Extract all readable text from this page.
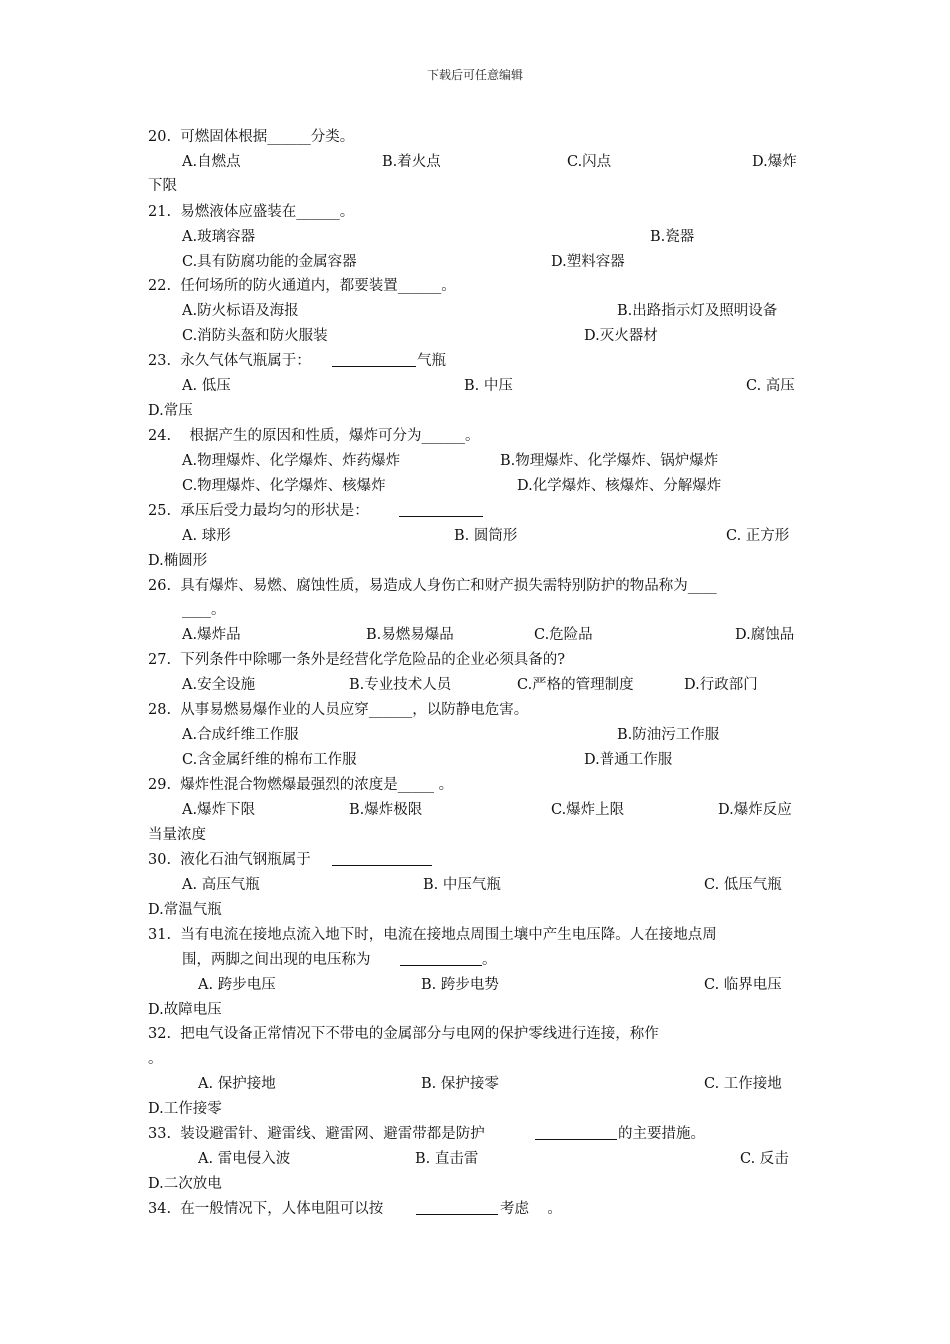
下载后可任意编辑
20.  可燃固体根据______分类。
A.自燃点	B.着火点	C.闪点	D.爆炸
下限
21.  易燃液体应盛装在______。
A.玻璃容器	B.瓷器
C.具有防腐功能的金属容器	D.塑料容器
22.  任何场所的防火通道内，都要装置______。
A.防火标语及海报	B.出路指示灯及照明设备
C.消防头盔和防火服装	D.灭火器材
23.  永久气体气瓶属于：	气瓶
A. 低压	B. 中压	C. 高压
D.常压
24.    根据产生的原因和性质，爆炸可分为______。
A.物理爆炸、化学爆炸、炸药爆炸	B.物理爆炸、化学爆炸、锅炉爆炸
C.物理爆炸、化学爆炸、核爆炸	D.化学爆炸、核爆炸、分解爆炸
25.  承压后受力最均匀的形状是：
A. 球形	B. 圆筒形	C. 正方形
D.椭圆形
26.  具有爆炸、易燃、腐蚀性质，易造成人身伤亡和财产损失需特别防护的物品称为____
____。
A.爆炸品	B.易燃易爆品	C.危险品	D.腐蚀品
27.  下列条件中除哪一条外是经营化学危险品的企业必须具备的?
A.安全设施	B.专业技术人员	C.严格的管理制度	D.行政部门
28.  从事易燃易爆作业的人员应穿______，以防静电危害。
A.合成纤维工作服	B.防油污工作服
C.含金属纤维的棉布工作服	D.普通工作服
29.  爆炸性混合物燃爆最强烈的浓度是_____ 。
A.爆炸下限	B.爆炸极限	C.爆炸上限	D.爆炸反应
当量浓度
30.  液化石油气钢瓶属于
A. 高压气瓶	B. 中压气瓶	C. 低压气瓶
D.常温气瓶
31.  当有电流在接地点流入地下时，电流在接地点周围土壤中产生电压降。人在接地点周
围，两脚之间出现的电压称为	。
A. 跨步电压	B. 跨步电势	C. 临界电压
D.故障电压
32.  把电气设备正常情况下不带电的金属部分与电网的保护零线进行连接，称作
。
A. 保护接地	B. 保护接零	C. 工作接地
D.工作接零
33.  装设避雷针、避雷线、避雷网、避雷带都是防护	的主要措施。
A. 雷电侵入波	B. 直击雷	C. 反击
D.二次放电
34.  在一般情况下，人体电阻可以按	考虑    。
